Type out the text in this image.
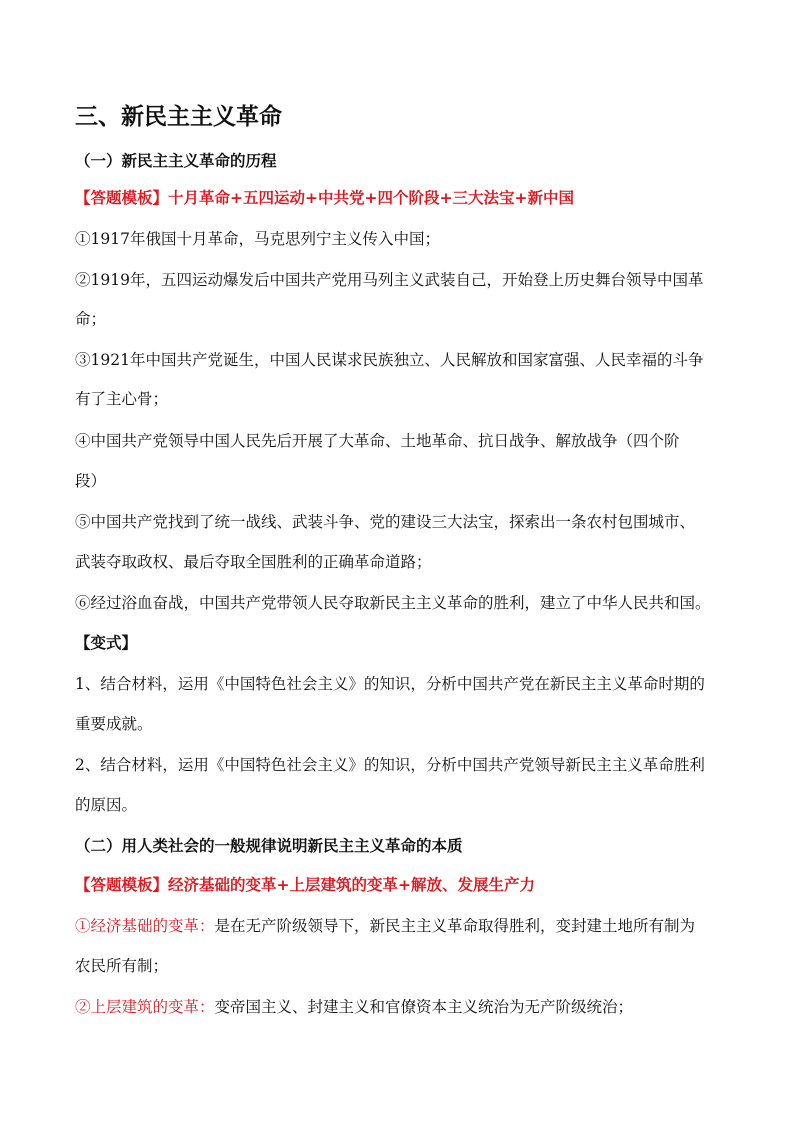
三、新民主主义革命
（一）新民主主义革命的历程
【答题模板】十月革命+五四运动+中共党+四个阶段+三大法宝+新中国
①1917年俄国十月革命，马克思列宁主义传入中国；
②1919年，五四运动爆发后中国共产党用马列主义武装自己，开始登上历史舞台领导中国革
命；
③1921年中国共产党诞生，中国人民谋求民族独立、人民解放和国家富强、人民幸福的斗争
有了主心骨；
④中国共产党领导中国人民先后开展了大革命、土地革命、抗日战争、解放战争（四个阶
段）
⑤中国共产党找到了统一战线、武装斗争、党的建设三大法宝，探索出一条农村包围城市、
武装夺取政权、最后夺取全国胜利的正确革命道路；
⑥经过浴血奋战，中国共产党带领人民夺取新民主主义革命的胜利，建立了中华人民共和国。
【变式】
1、结合材料，运用《中国特色社会主义》的知识，分析中国共产党在新民主主义革命时期的
重要成就。
2、结合材料，运用《中国特色社会主义》的知识，分析中国共产党领导新民主主义革命胜利
的原因。
（二）用人类社会的一般规律说明新民主主义革命的本质
【答题模板】经济基础的变革+上层建筑的变革+解放、发展生产力
①经济基础的变革：是在无产阶级领导下，新民主主义革命取得胜利，变封建土地所有制为
农民所有制；
②上层建筑的变革：变帝国主义、封建主义和官僚资本主义统治为无产阶级统治；
